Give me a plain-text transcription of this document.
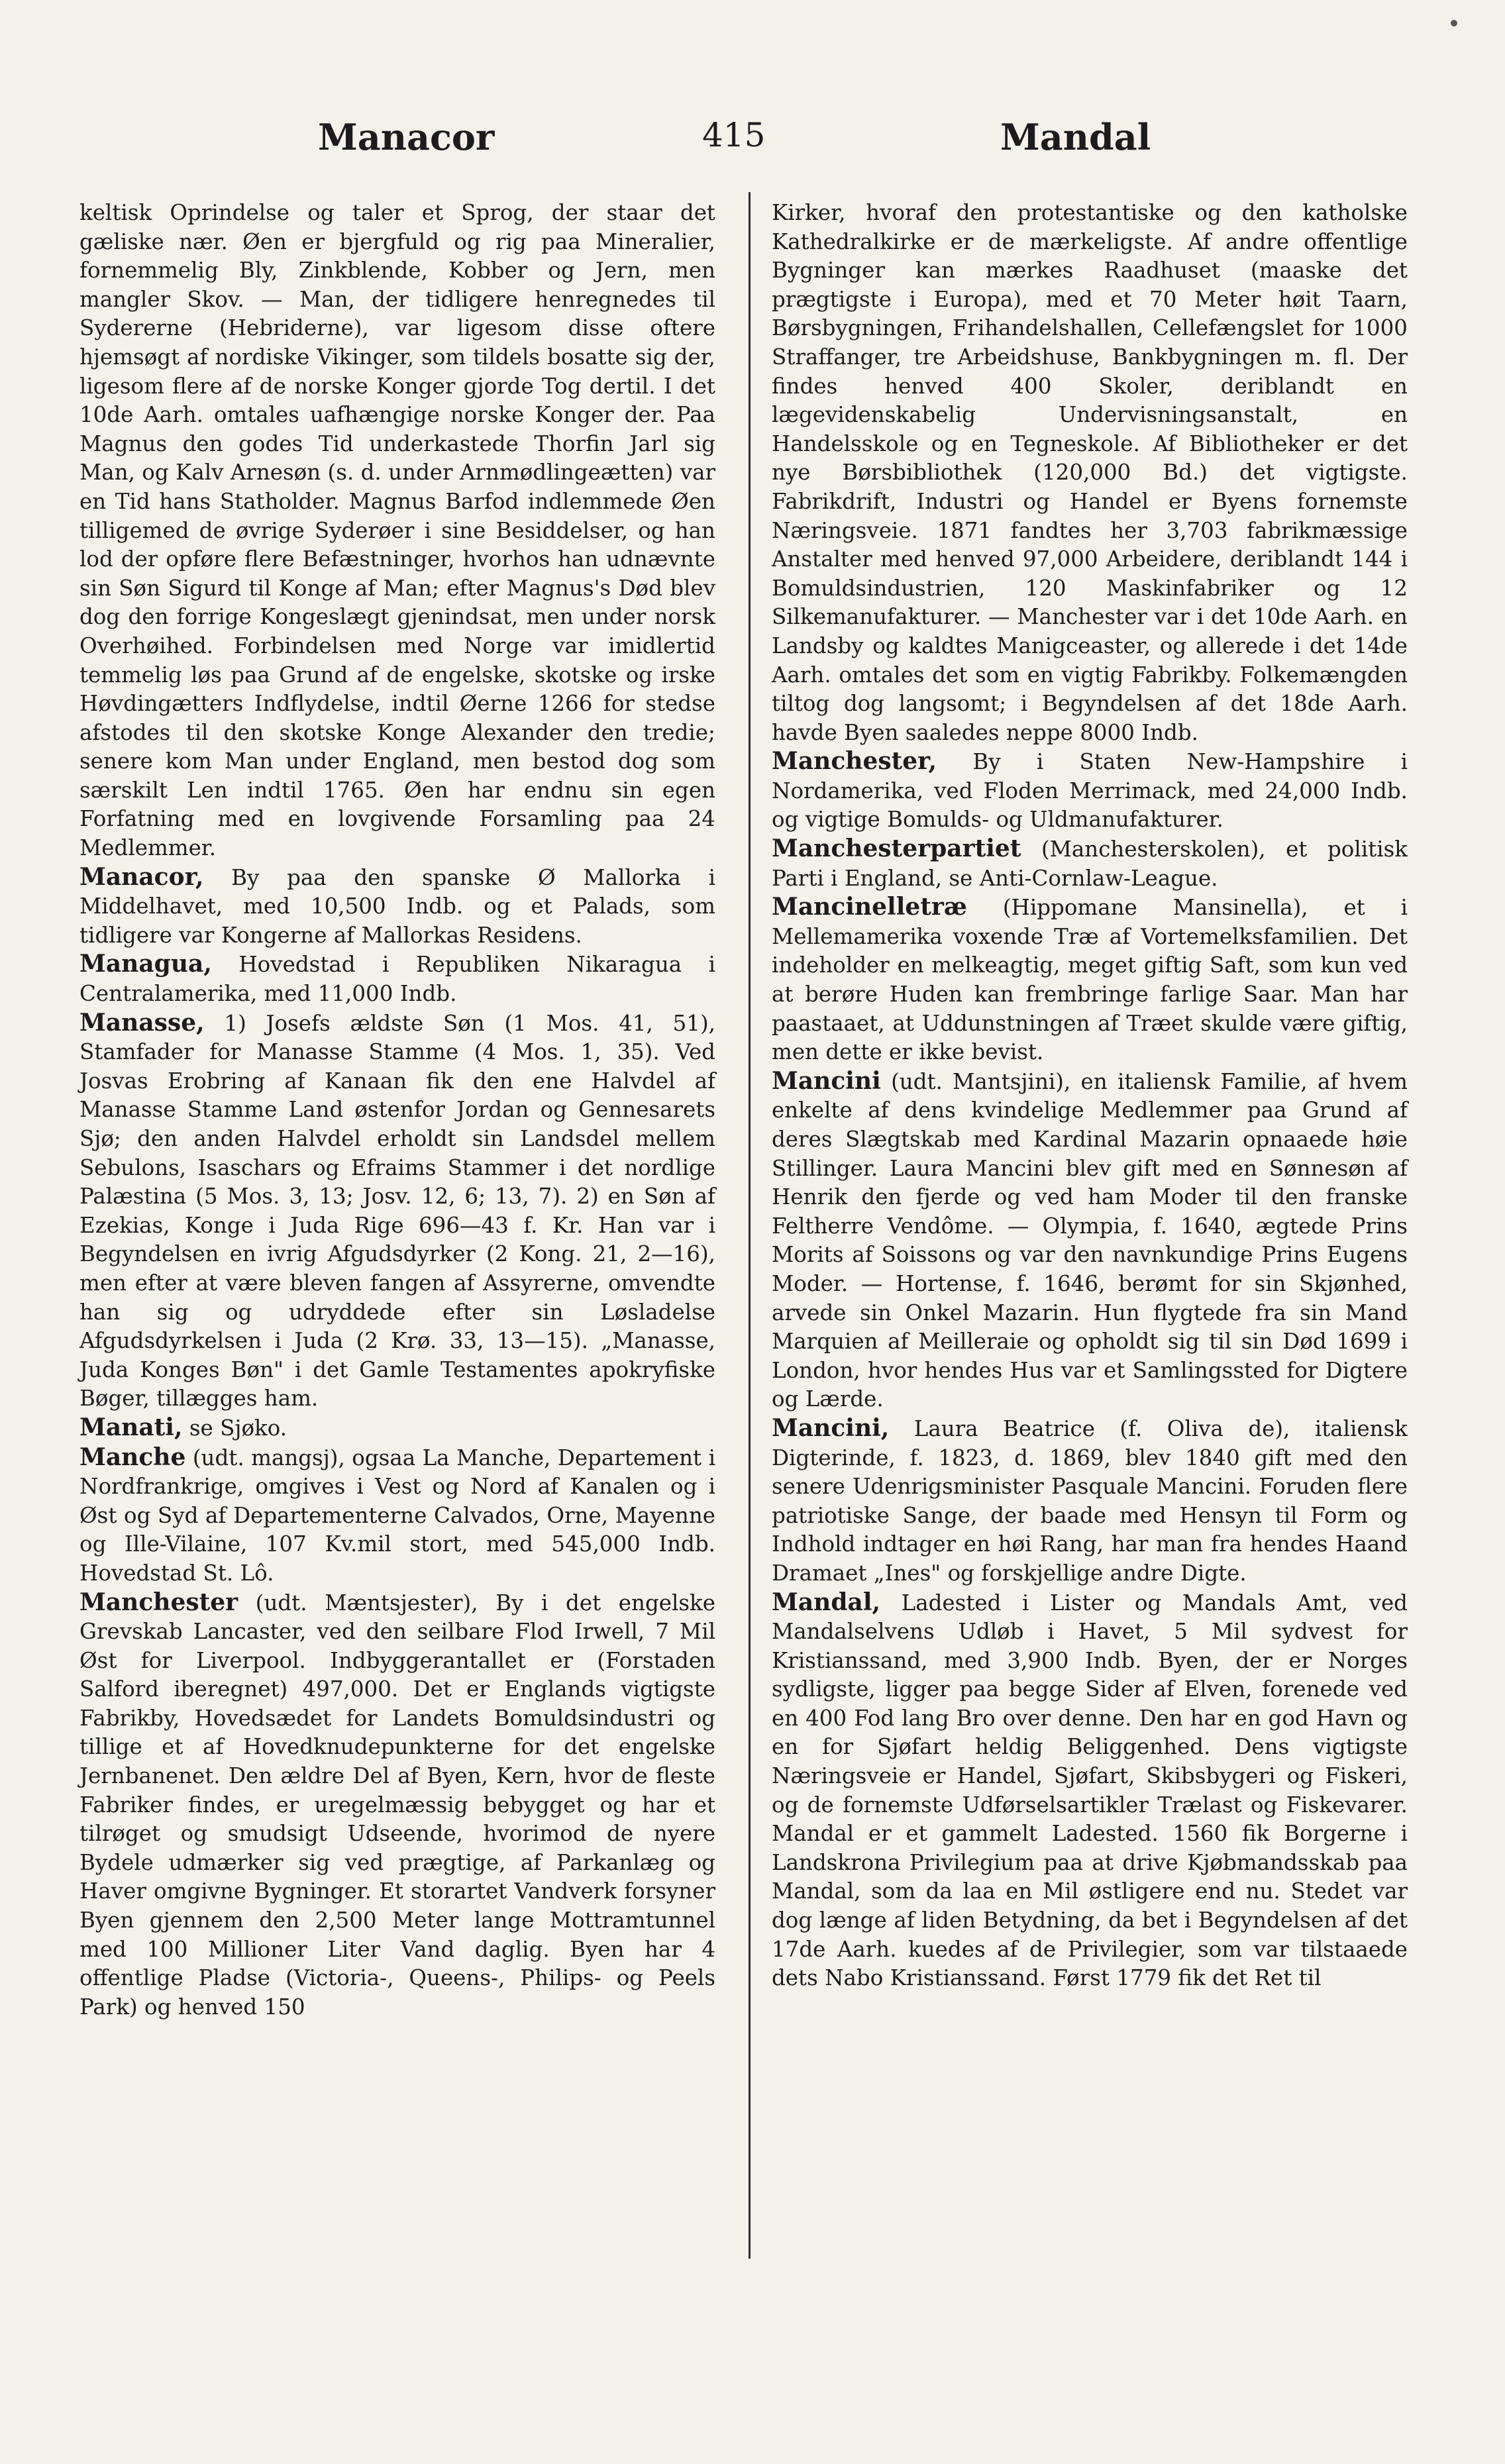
Manacor	415	Mandal

keltisk Oprindelse og taler et Sprog, der staar det gæliske nær. Øen er bjergfuld og rig paa Mineralier, fornemmelig Bly, Zinkblende, Kobber og Jern, men mangler Skov. — Man, der tidligere henregnedes til Sydererne (Hebriderne), var ligesom disse oftere hjemsøgt af nordiske Vikinger, som tildels bosatte sig der, ligesom flere af de norske Konger gjorde Tog dertil. I det 10de Aarh. omtales uafhængige norske Konger der. Paa Magnus den godes Tid underkastede Thorfin Jarl sig Man, og Kalv Arnesøn (s. d. under Arnmødlingeætten) var en Tid hans Statholder. Magnus Barfod indlemmede Øen tilligemed de øvrige Syderøer i sine Besiddelser, og han lod der opføre flere Befæstninger, hvorhos han udnævnte sin Søn Sigurd til Konge af Man; efter Magnus's Død blev dog den forrige Kongeslægt gjenindsat, men under norsk Overhøihed. Forbindelsen med Norge var imidlertid temmelig løs paa Grund af de engelske, skotske og irske Høvdingætters Indflydelse, indtil Øerne 1266 for stedse afstodes til den skotske Konge Alexander den tredie; senere kom Man under England, men bestod dog som særskilt Len indtil 1765. Øen har endnu sin egen Forfatning med en lovgivende Forsamling paa 24 Medlemmer.

Manacor, By paa den spanske Ø Mallorka i Middelhavet, med 10,500 Indb. og et Palads, som tidligere var Kongerne af Mallorkas Residens.

Managua, Hovedstad i Republiken Nikaragua i Centralamerika, med 11,000 Indb.

Manasse, 1) Josefs ældste Søn (1 Mos. 41, 51), Stamfader for Manasse Stamme (4 Mos. 1, 35). Ved Josvas Erobring af Kanaan fik den ene Halvdel af Manasse Stamme Land østenfor Jordan og Gennesarets Sjø; den anden Halvdel erholdt sin Landsdel mellem Sebulons, Isaschars og Efraims Stammer i det nordlige Palæstina (5 Mos. 3, 13; Josv. 12, 6; 13, 7). 2) en Søn af Ezekias, Konge i Juda Rige 696—43 f. Kr. Han var i Begyndelsen en ivrig Afgudsdyrker (2 Kong. 21, 2—16), men efter at være bleven fangen af Assyrerne, omvendte han sig og udryddede efter sin Løsladelse Afgudsdyrkelsen i Juda (2 Krø. 33, 13—15). „Manasse, Juda Konges Bøn" i det Gamle Testamentes apokryfiske Bøger, tillægges ham.

Manati, se Sjøko.

Manche (udt. mangsj), ogsaa La Manche, Departement i Nordfrankrige, omgives i Vest og Nord af Kanalen og i Øst og Syd af Departementerne Calvados, Orne, Mayenne og Ille-Vilaine, 107 Kv.mil stort, med 545,000 Indb. Hovedstad St. Lô.

Manchester (udt. Mæntsjester), By i det engelske Grevskab Lancaster, ved den seilbare Flod Irwell, 7 Mil Øst for Liverpool. Indbyggerantallet er (Forstaden Salford iberegnet) 497,000. Det er Englands vigtigste Fabrikby, Hovedsædet for Landets Bomuldsindustri og tillige et af Hovedknudepunkterne for det engelske Jernbanenet. Den ældre Del af Byen, Kern, hvor de fleste Fabriker findes, er uregelmæssig bebygget og har et tilrøget og smudsigt Udseende, hvorimod de nyere Bydele udmærker sig ved prægtige, af Parkanlæg og Haver omgivne Bygninger. Et storartet Vandverk forsyner Byen gjennem den 2,500 Meter lange Mottramtunnel med 100 Millioner Liter Vand daglig. Byen har 4 offentlige Pladse (Victoria-, Queens-, Philips- og Peels Park) og henved 150

Kirker, hvoraf den protestantiske og den katholske Kathedralkirke er de mærkeligste. Af andre offentlige Bygninger kan mærkes Raadhuset (maaske det prægtigste i Europa), med et 70 Meter høit Taarn, Børsbygningen, Frihandelshallen, Cellefængslet for 1000 Straffanger, tre Arbeidshuse, Bankbygningen m. fl. Der findes henved 400 Skoler, deriblandt en lægevidenskabelig Undervisningsanstalt, en Handelsskole og en Tegneskole. Af Bibliotheker er det nye Børsbibliothek (120,000 Bd.) det vigtigste. Fabrikdrift, Industri og Handel er Byens fornemste Næringsveie. 1871 fandtes her 3,703 fabrikmæssige Anstalter med henved 97,000 Arbeidere, deriblandt 144 i Bomuldsindustrien, 120 Maskinfabriker og 12 Silkemanufakturer. — Manchester var i det 10de Aarh. en Landsby og kaldtes Manigceaster, og allerede i det 14de Aarh. omtales det som en vigtig Fabrikby. Folkemængden tiltog dog langsomt; i Begyndelsen af det 18de Aarh. havde Byen saaledes neppe 8000 Indb.

Manchester, By i Staten New-Hampshire i Nordamerika, ved Floden Merrimack, med 24,000 Indb. og vigtige Bomulds- og Uldmanufakturer.

Manchesterpartiet (Manchesterskolen), et politisk Parti i England, se Anti-Cornlaw-League.

Mancinelletræ (Hippomane Mansinella), et i Mellemamerika voxende Træ af Vortemelksfamilien. Det indeholder en melkeagtig, meget giftig Saft, som kun ved at berøre Huden kan frembringe farlige Saar. Man har paastaaet, at Uddunstningen af Træet skulde være giftig, men dette er ikke bevist.

Mancini (udt. Mantsjini), en italiensk Familie, af hvem enkelte af dens kvindelige Medlemmer paa Grund af deres Slægtskab med Kardinal Mazarin opnaaede høie Stillinger. Laura Mancini blev gift med en Sønnesøn af Henrik den fjerde og ved ham Moder til den franske Feltherre Vendôme. — Olympia, f. 1640, ægtede Prins Morits af Soissons og var den navnkundige Prins Eugens Moder. — Hortense, f. 1646, berømt for sin Skjønhed, arvede sin Onkel Mazarin. Hun flygtede fra sin Mand Marquien af Meilleraie og opholdt sig til sin Død 1699 i London, hvor hendes Hus var et Samlingssted for Digtere og Lærde.

Mancini, Laura Beatrice (f. Oliva de), italiensk Digterinde, f. 1823, d. 1869, blev 1840 gift med den senere Udenrigsminister Pasquale Mancini. Foruden flere patriotiske Sange, der baade med Hensyn til Form og Indhold indtager en høi Rang, har man fra hendes Haand Dramaet „Ines" og forskjellige andre Digte.

Mandal, Ladested i Lister og Mandals Amt, ved Mandalselvens Udløb i Havet, 5 Mil sydvest for Kristianssand, med 3,900 Indb. Byen, der er Norges sydligste, ligger paa begge Sider af Elven, forenede ved en 400 Fod lang Bro over denne. Den har en god Havn og en for Sjøfart heldig Beliggenhed. Dens vigtigste Næringsveie er Handel, Sjøfart, Skibsbygeri og Fiskeri, og de fornemste Udførselsartikler Trælast og Fiskevarer. Mandal er et gammelt Ladested. 1560 fik Borgerne i Landskrona Privilegium paa at drive Kjøbmandsskab paa Mandal, som da laa en Mil østligere end nu. Stedet var dog længe af liden Betydning, da bet i Begyndelsen af det 17de Aarh. kuedes af de Privilegier, som var tilstaaede dets Nabo Kristianssand. Først 1779 fik det Ret til
